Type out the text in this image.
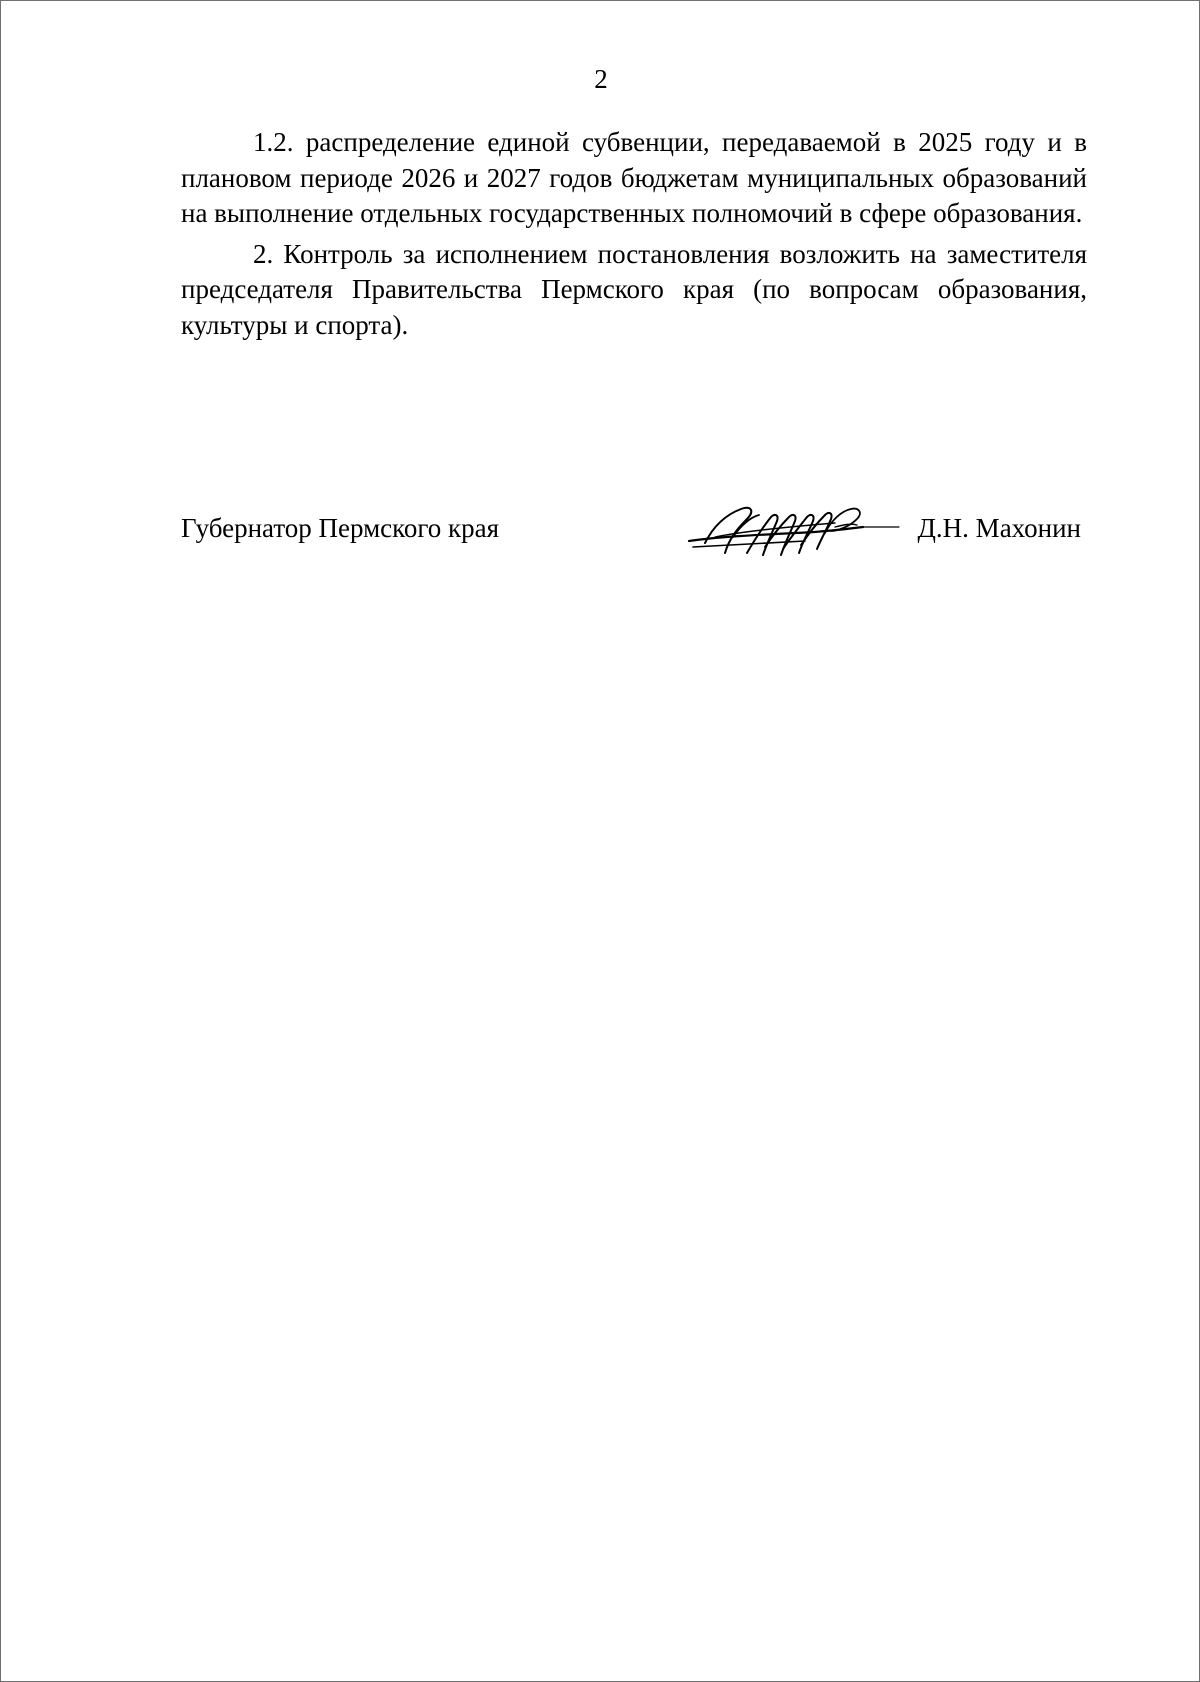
2

1.2. распределение единой субвенции, передаваемой в 2025 году и в плановом периоде 2026 и 2027 годов бюджетам муниципальных образований на выполнение отдельных государственных полномочий в сфере образования.

2. Контроль за исполнением постановления возложить на заместителя председателя Правительства Пермского края (по вопросам образования, культуры и спорта).

Губернатор Пермского края	Д.Н. Махонин
